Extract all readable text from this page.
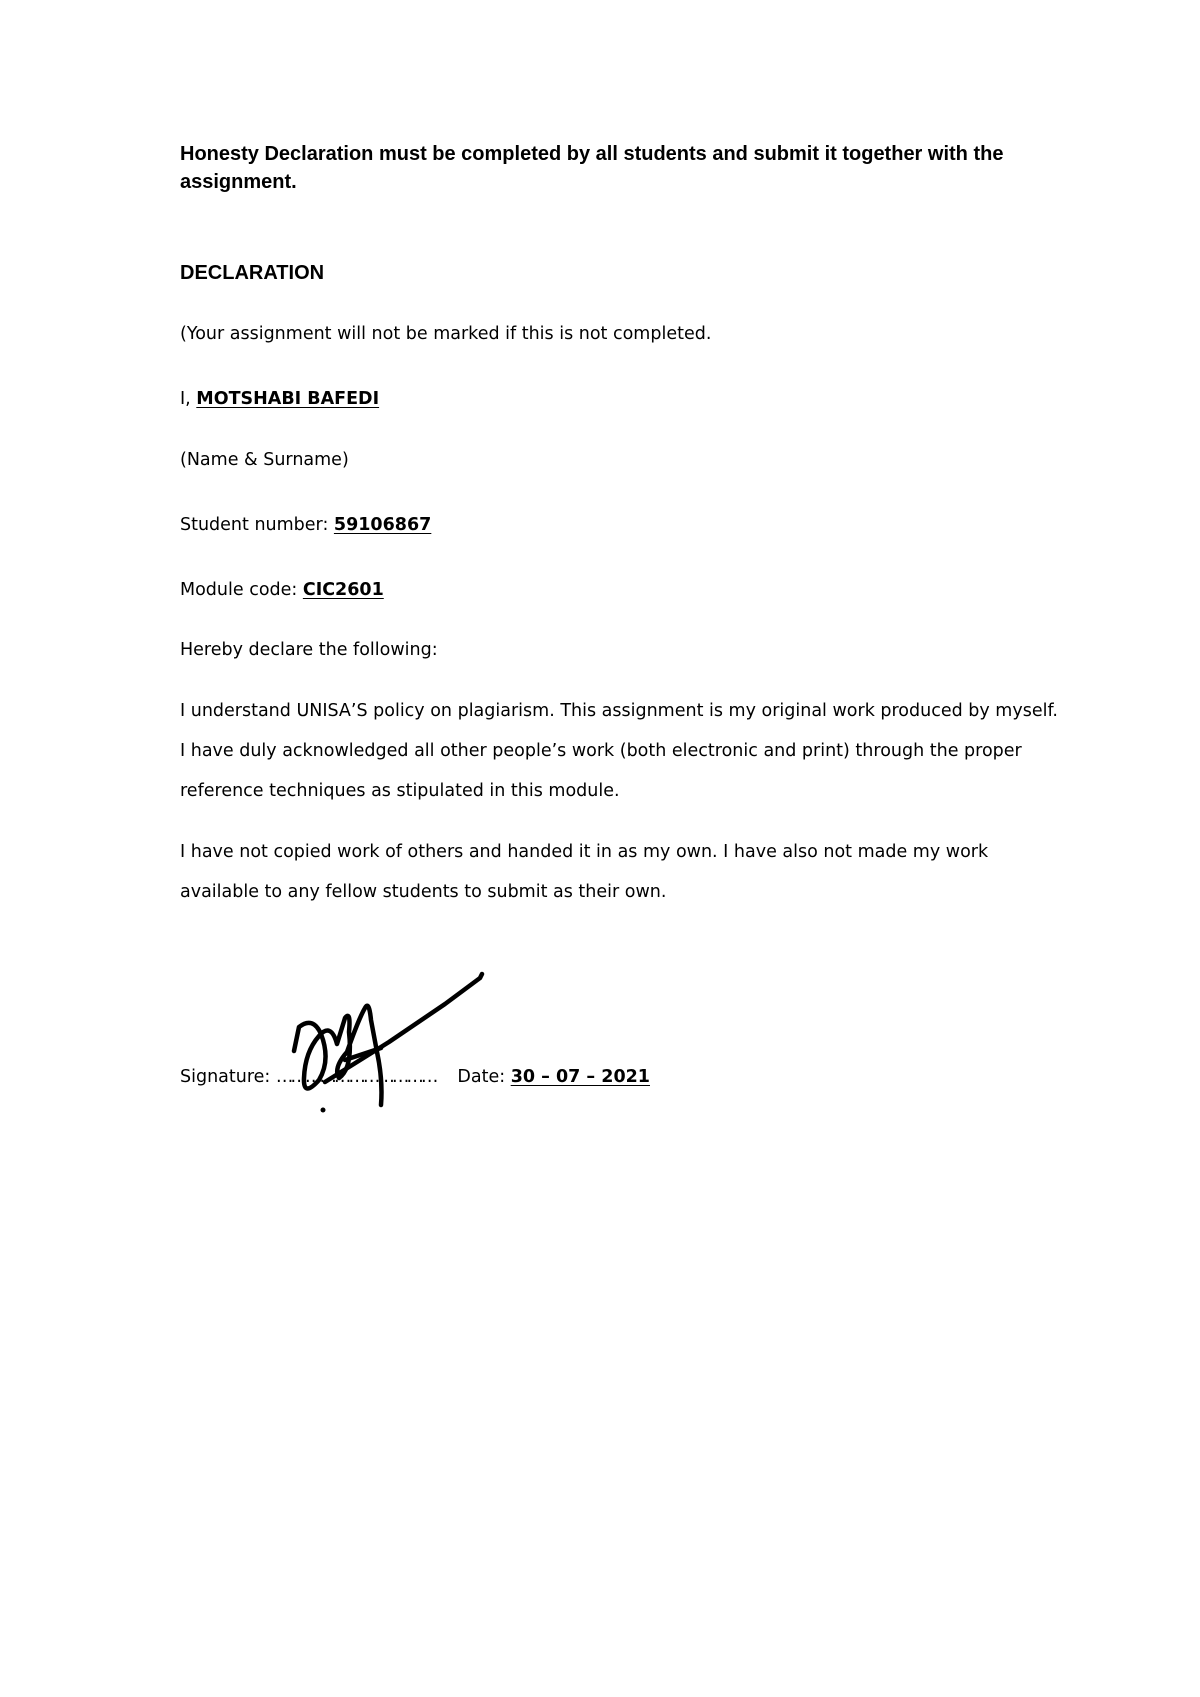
Honesty Declaration must be completed by all students and submit it together with the assignment.
DECLARATION
(Your assignment will not be marked if this is not completed.
I, MOTSHABI BAFEDI
(Name & Surname)
Student number: 59106867
Module code: CIC2601
Hereby declare the following:
I understand UNISA’S policy on plagiarism. This assignment is my original work produced by myself.
I have duly acknowledged all other people’s work (both electronic and print) through the proper
reference techniques as stipulated in this module.
I have not copied work of others and handed it in as my own. I have also not made my work
available to any fellow students to submit as their own.
Signature: …………………………… Date: 30 – 07 – 2021
